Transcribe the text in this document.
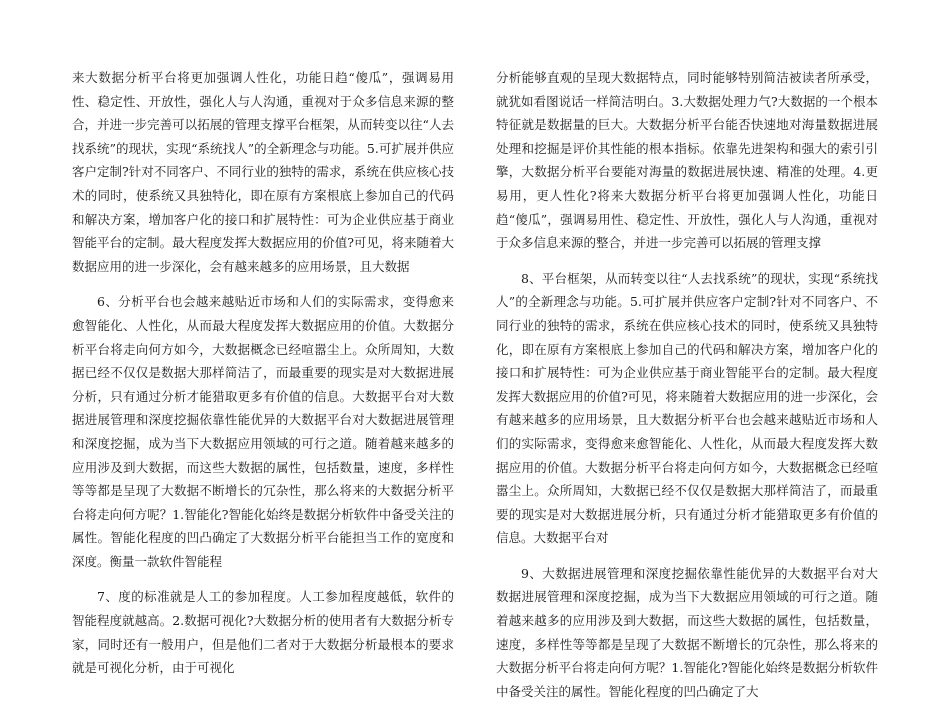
来大数据分析平台将更加强调人性化，功能日趋“傻瓜”，强调易用性、稳定性、开放性，强化人与人沟通，重视对于众多信息来源的整合，并进一步完善可以拓展的管理支撑平台框架，从而转变以往“人去找系统”的现状，实现“系统找人”的全新理念与功能。5.可扩展并供应客户定制?针对不同客户、不同行业的独特的需求，系统在供应核心技术的同时，使系统又具独特化，即在原有方案根底上参加自己的代码和解决方案，增加客户化的接口和扩展特性：可为企业供应基于商业智能平台的定制。最大程度发挥大数据应用的价值?可见，将来随着大数据应用的进一步深化，会有越来越多的应用场景，且大数据

6、分析平台也会越来越贴近市场和人们的实际需求，变得愈来愈智能化、人性化，从而最大程度发挥大数据应用的价值。大数据分析平台将走向何方如今，大数据概念已经喧嚣尘上。众所周知，大数据已经不仅仅是数据大那样简洁了，而最重要的现实是对大数据进展分析，只有通过分析才能猎取更多有价值的信息。大数据平台对大数据进展管理和深度挖掘依靠性能优异的大数据平台对大数据进展管理和深度挖掘，成为当下大数据应用领域的可行之道。随着越来越多的应用涉及到大数据，而这些大数据的属性，包括数量，速度，多样性等等都是呈现了大数据不断增长的冗杂性，那么将来的大数据分析平台将走向何方呢？1.智能化?智能化始终是数据分析软件中备受关注的属性。智能化程度的凹凸确定了大数据分析平台能担当工作的宽度和深度。衡量一款软件智能程

7、度的标准就是人工的参加程度。人工参加程度越低，软件的智能程度就越高。2.数据可视化?大数据分析的使用者有大数据分析专家，同时还有一般用户，但是他们二者对于大数据分析最根本的要求就是可视化分析，由于可视化

分析能够直观的呈现大数据特点，同时能够特别简洁被读者所承受，就犹如看图说话一样简洁明白。3.大数据处理力气?大数据的一个根本特征就是数据量的巨大。大数据分析平台能否快速地对海量数据进展处理和挖掘是评价其性能的根本指标。依靠先进架构和强大的索引引擎，大数据分析平台要能对海量的数据进展快速、精准的处理。4.更易用，更人性化?将来大数据分析平台将更加强调人性化，功能日趋“傻瓜”，强调易用性、稳定性、开放性，强化人与人沟通，重视对于众多信息来源的整合，并进一步完善可以拓展的管理支撑

8、平台框架，从而转变以往“人去找系统”的现状，实现“系统找人”的全新理念与功能。5.可扩展并供应客户定制?针对不同客户、不同行业的独特的需求，系统在供应核心技术的同时，使系统又具独特化，即在原有方案根底上参加自己的代码和解决方案，增加客户化的接口和扩展特性：可为企业供应基于商业智能平台的定制。最大程度发挥大数据应用的价值?可见，将来随着大数据应用的进一步深化，会有越来越多的应用场景，且大数据分析平台也会越来越贴近市场和人们的实际需求，变得愈来愈智能化、人性化，从而最大程度发挥大数据应用的价值。大数据分析平台将走向何方如今，大数据概念已经喧嚣尘上。众所周知，大数据已经不仅仅是数据大那样简洁了，而最重要的现实是对大数据进展分析，只有通过分析才能猎取更多有价值的信息。大数据平台对

9、大数据进展管理和深度挖掘依靠性能优异的大数据平台对大数据进展管理和深度挖掘，成为当下大数据应用领域的可行之道。随着越来越多的应用涉及到大数据，而这些大数据的属性，包括数量，速度，多样性等等都是呈现了大数据不断增长的冗杂性，那么将来的大数据分析平台将走向何方呢？1.智能化?智能化始终是数据分析软件中备受关注的属性。智能化程度的凹凸确定了大
